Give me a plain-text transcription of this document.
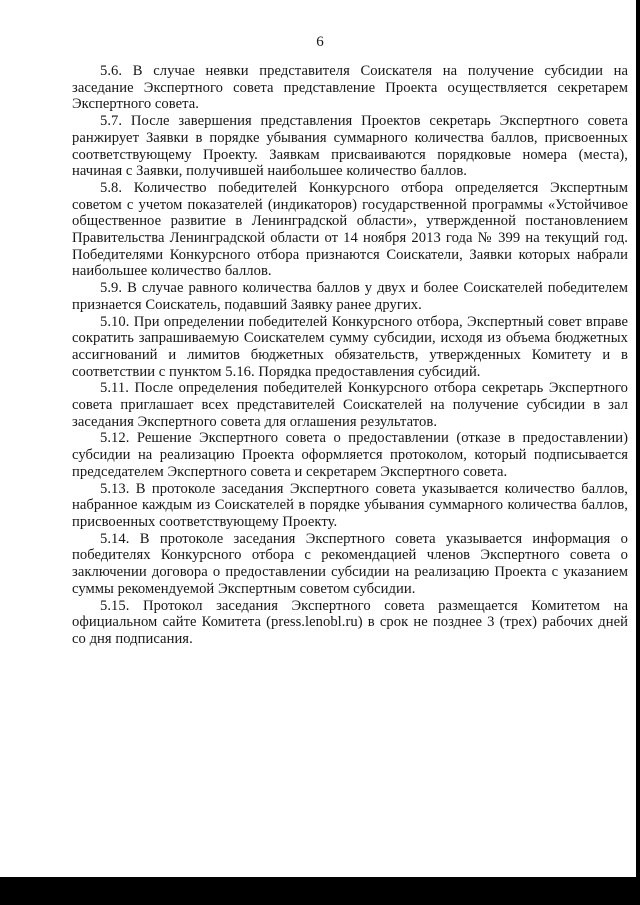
6

5.6. В случае неявки представителя Соискателя на получение субсидии на заседание Экспертного совета представление Проекта осуществляется секретарем Экспертного совета.

5.7. После завершения представления Проектов секретарь Экспертного совета ранжирует Заявки в порядке убывания суммарного количества баллов, присвоенных соответствующему Проекту. Заявкам присваиваются порядковые номера (места), начиная с Заявки, получившей наибольшее количество баллов.

5.8. Количество победителей Конкурсного отбора определяется Экспертным советом с учетом показателей (индикаторов) государственной программы «Устойчивое общественное развитие в Ленинградской области», утвержденной постановлением Правительства Ленинградской области от 14 ноября 2013 года № 399 на текущий год. Победителями Конкурсного отбора признаются Соискатели, Заявки которых набрали наибольшее количество баллов.

5.9. В случае равного количества баллов у двух и более Соискателей победителем признается Соискатель, подавший Заявку ранее других.

5.10. При определении победителей Конкурсного отбора, Экспертный совет вправе сократить запрашиваемую Соискателем сумму субсидии, исходя из объема бюджетных ассигнований и лимитов бюджетных обязательств, утвержденных Комитету и в соответствии с пунктом 5.16. Порядка предоставления субсидий.

5.11. После определения победителей Конкурсного отбора секретарь Экспертного совета приглашает всех представителей Соискателей на получение субсидии в зал заседания Экспертного совета для оглашения результатов.

5.12. Решение Экспертного совета о предоставлении (отказе в предоставлении) субсидии на реализацию Проекта оформляется протоколом, который подписывается председателем Экспертного совета и секретарем Экспертного совета.

5.13. В протоколе заседания Экспертного совета указывается количество баллов, набранное каждым из Соискателей в порядке убывания суммарного количества баллов, присвоенных соответствующему Проекту.

5.14. В протоколе заседания Экспертного совета указывается информация о победителях Конкурсного отбора с рекомендацией членов Экспертного совета о заключении договора о предоставлении субсидии на реализацию Проекта с указанием суммы рекомендуемой Экспертным советом субсидии.

5.15. Протокол заседания Экспертного совета размещается Комитетом на официальном сайте Комитета (press.lenobl.ru) в срок не позднее 3 (трех) рабочих дней со дня подписания.
